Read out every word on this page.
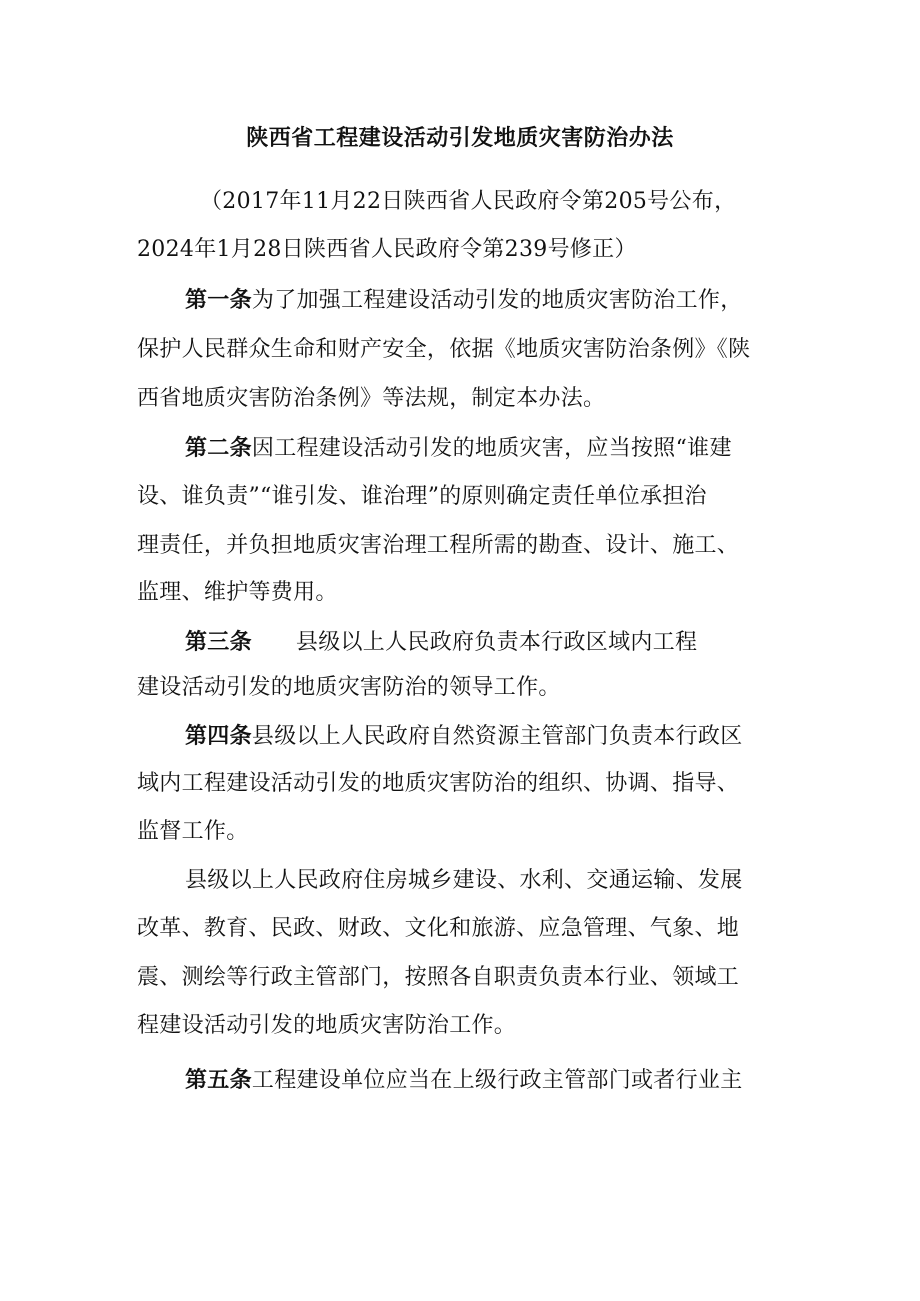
陕西省工程建设活动引发地质灾害防治办法
（2017年11月22日陕西省人民政府令第205号公布，
2024年1月28日陕西省人民政府令第239号修正）
第一条为了加强工程建设活动引发的地质灾害防治工作，
保护人民群众生命和财产安全，依据《地质灾害防治条例》《陕
西省地质灾害防治条例》等法规，制定本办法。
第二条因工程建设活动引发的地质灾害，应当按照“谁建
设、谁负责”“谁引发、谁治理”的原则确定责任单位承担治
理责任，并负担地质灾害治理工程所需的勘查、设计、施工、
监理、维护等费用。
第三条 县级以上人民政府负责本行政区域内工程
建设活动引发的地质灾害防治的领导工作。
第四条县级以上人民政府自然资源主管部门负责本行政区
域内工程建设活动引发的地质灾害防治的组织、协调、指导、
监督工作。
县级以上人民政府住房城乡建设、水利、交通运输、发展
改革、教育、民政、财政、文化和旅游、应急管理、气象、地
震、测绘等行政主管部门，按照各自职责负责本行业、领域工
程建设活动引发的地质灾害防治工作。
第五条工程建设单位应当在上级行政主管部门或者行业主
